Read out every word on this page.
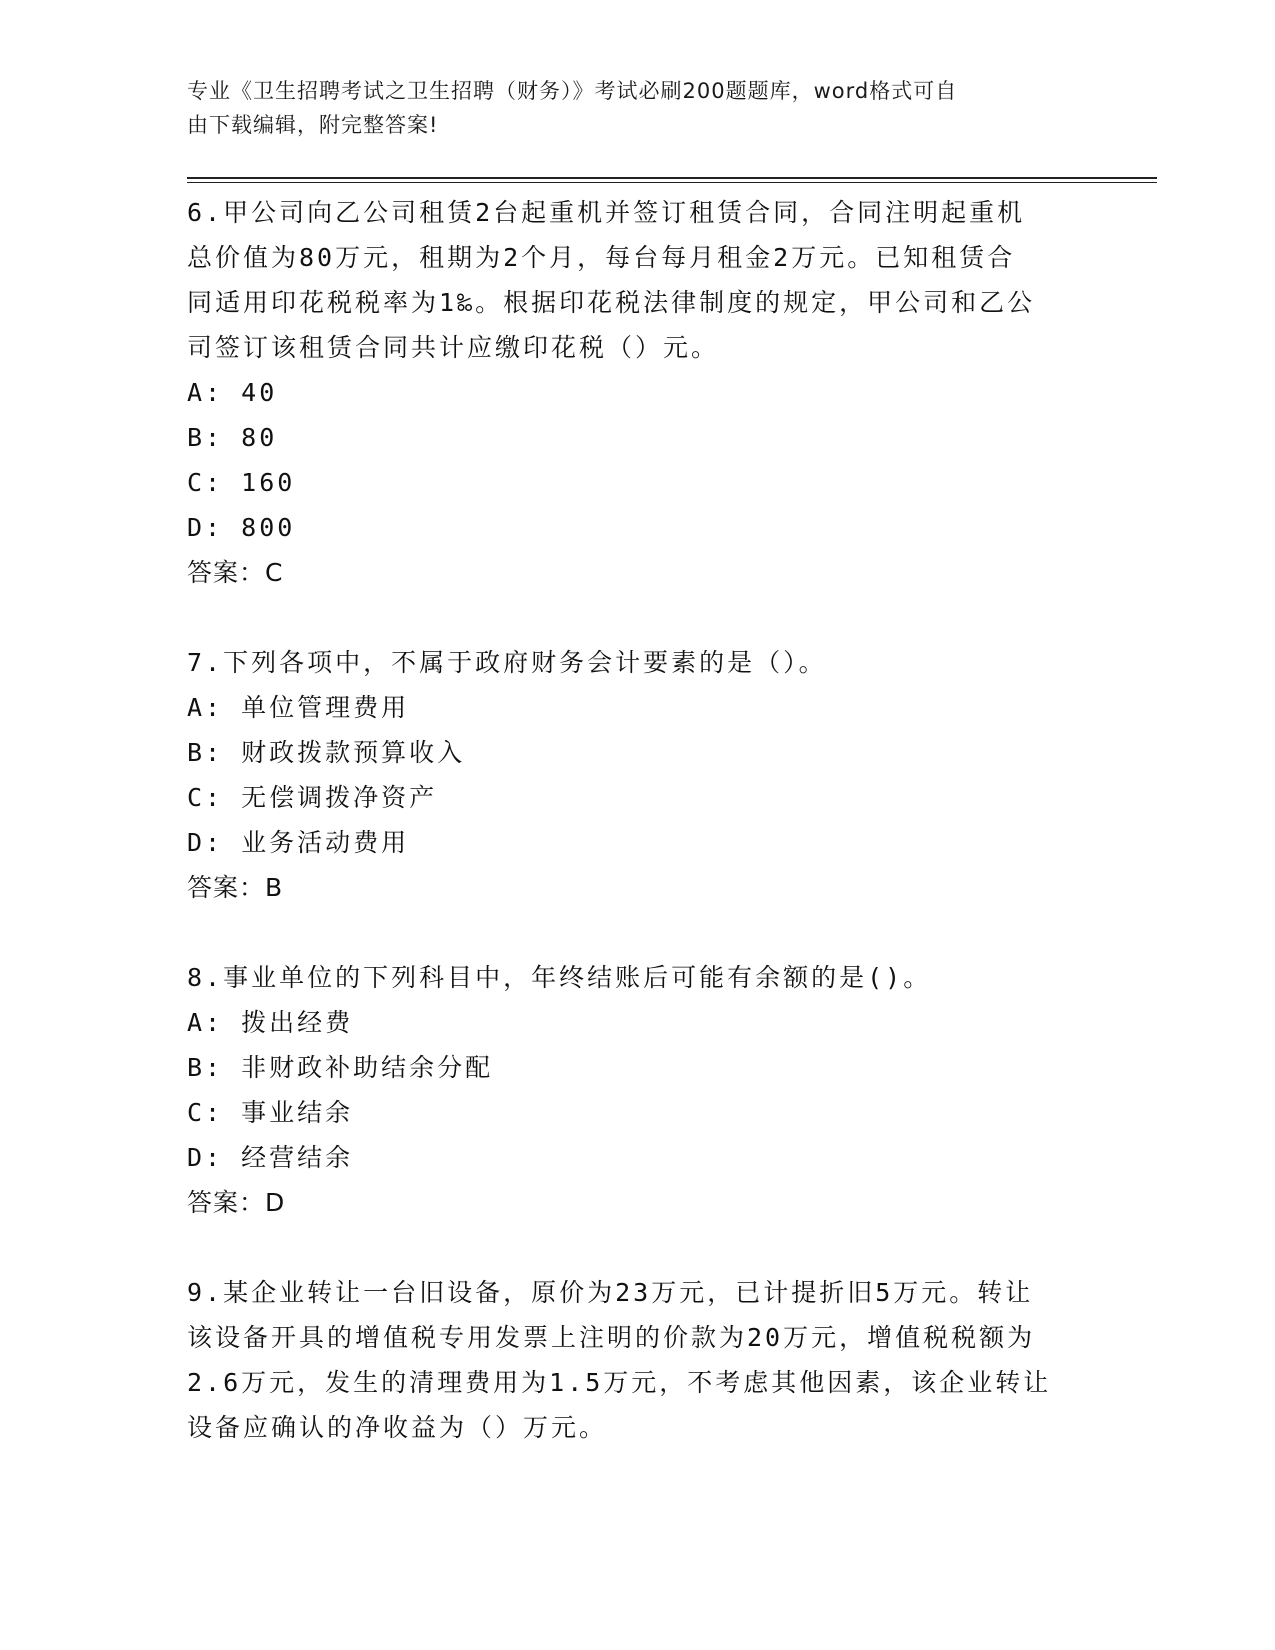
专业《卫生招聘考试之卫生招聘（财务）》考试必刷200题题库，word格式可自
由下载编辑，附完整答案!

6.甲公司向乙公司租赁2台起重机并签订租赁合同，合同注明起重机

总价值为80万元，租期为2个月，每台每月租金2万元。已知租赁合

同适用印花税税率为1‰。根据印花税法律制度的规定，甲公司和乙公

司签订该租赁合同共计应缴印花税（）元。

A: 40

B: 80

C: 160

D: 800

答案：C

7.下列各项中，不属于政府财务会计要素的是（）。

A: 单位管理费用

B: 财政拨款预算收入

C: 无偿调拨净资产

D: 业务活动费用

答案：B

8.事业单位的下列科目中，年终结账后可能有余额的是()。

A: 拨出经费

B: 非财政补助结余分配

C: 事业结余

D: 经营结余

答案：D

9.某企业转让一台旧设备，原价为23万元，已计提折旧5万元。转让

该设备开具的增值税专用发票上注明的价款为20万元，增值税税额为

2.6万元，发生的清理费用为1.5万元，不考虑其他因素，该企业转让

设备应确认的净收益为（）万元。
